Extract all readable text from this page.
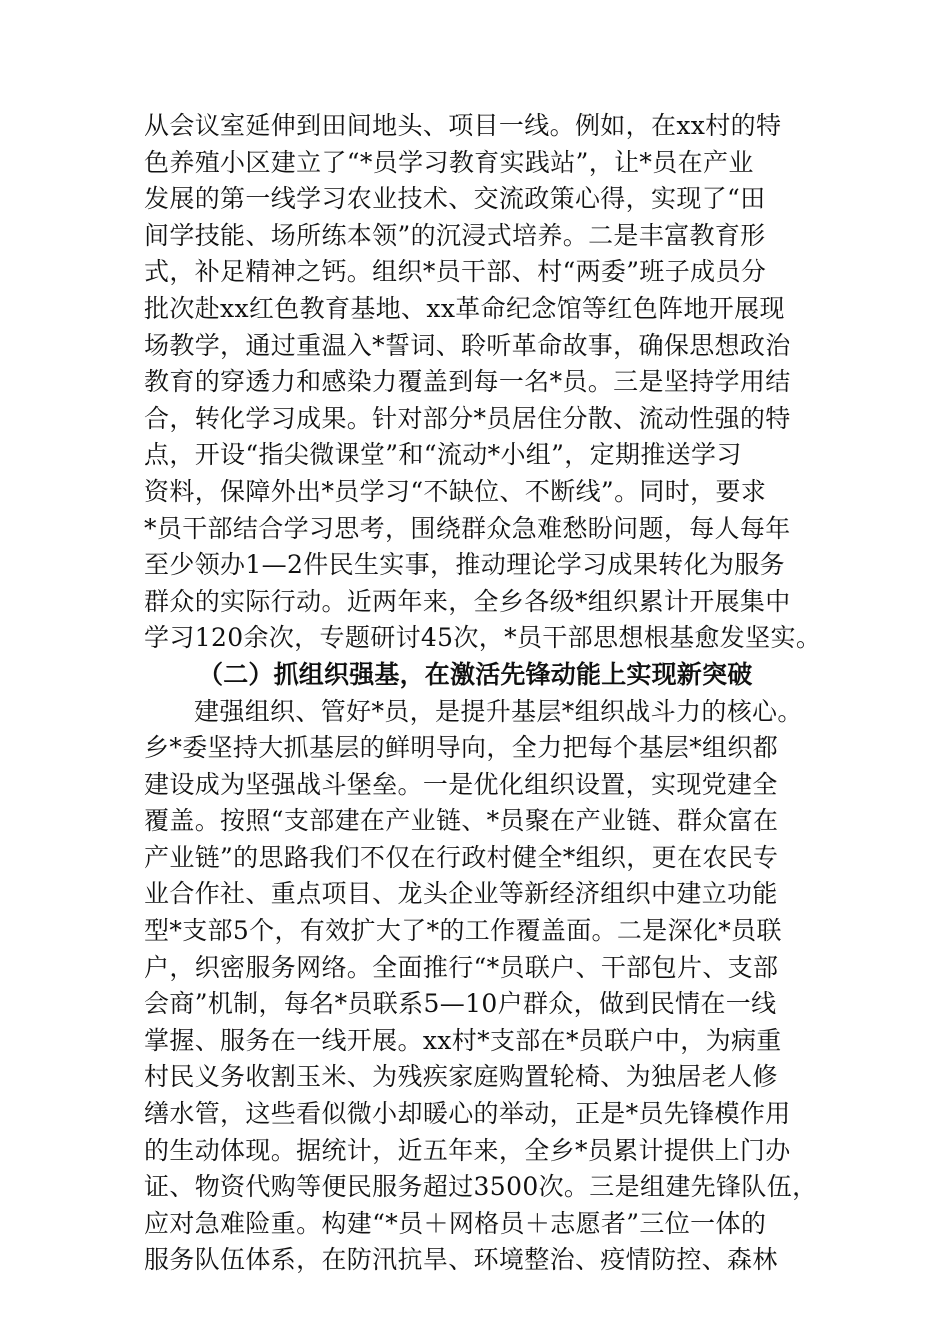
从会议室延伸到田间地头、项目一线。例如，在xx村的特
色养殖小区建立了“*员学习教育实践站”，让*员在产业
发展的第一线学习农业技术、交流政策心得，实现了“田
间学技能、场所练本领”的沉浸式培养。二是丰富教育形
式，补足精神之钙。组织*员干部、村“两委”班子成员分
批次赴xx红色教育基地、xx革命纪念馆等红色阵地开展现
场教学，通过重温入*誓词、聆听革命故事，确保思想政治
教育的穿透力和感染力覆盖到每一名*员。三是坚持学用结
合，转化学习成果。针对部分*员居住分散、流动性强的特
点，开设“指尖微课堂”和“流动*小组”，定期推送学习
资料，保障外出*员学习“不缺位、不断线”。同时，要求
*员干部结合学习思考，围绕群众急难愁盼问题，每人每年
至少领办1—2件民生实事，推动理论学习成果转化为服务
群众的实际行动。近两年来，全乡各级*组织累计开展集中
学习120余次，专题研讨45次，*员干部思想根基愈发坚实。
（二）抓组织强基，在激活先锋动能上实现新突破
建强组织、管好*员，是提升基层*组织战斗力的核心。
乡*委坚持大抓基层的鲜明导向，全力把每个基层*组织都
建设成为坚强战斗堡垒。一是优化组织设置，实现党建全
覆盖。按照“支部建在产业链、*员聚在产业链、群众富在
产业链”的思路我们不仅在行政村健全*组织，更在农民专
业合作社、重点项目、龙头企业等新经济组织中建立功能
型*支部5个，有效扩大了*的工作覆盖面。二是深化*员联
户，织密服务网络。全面推行“*员联户、干部包片、支部
会商”机制，每名*员联系5—10户群众，做到民情在一线
掌握、服务在一线开展。xx村*支部在*员联户中，为病重
村民义务收割玉米、为残疾家庭购置轮椅、为独居老人修
缮水管，这些看似微小却暖心的举动，正是*员先锋模作用
的生动体现。据统计，近五年来，全乡*员累计提供上门办
证、物资代购等便民服务超过3500次。三是组建先锋队伍，
应对急难险重。构建“*员＋网格员＋志愿者”三位一体的
服务队伍体系，在防汛抗旱、环境整治、疫情防控、森林
